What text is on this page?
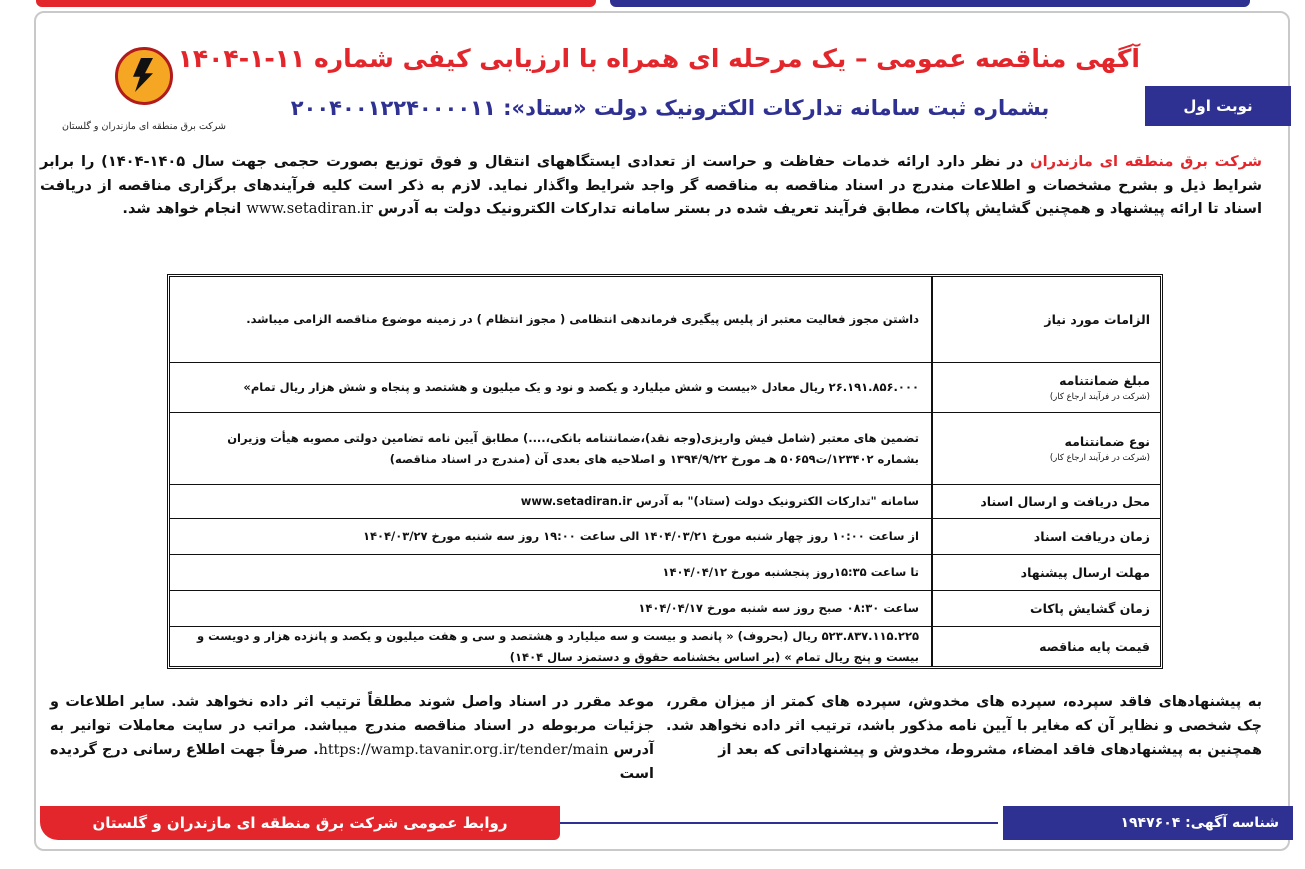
شرکت برق منطقه ای مازندران و گلستان
نوبت اول
آگهی مناقصه عمومی – یک مرحله ای همراه با ارزیابی کیفی شماره ۱۱-۱-۱۴۰۴
بشماره ثبت سامانه تدارکات الکترونیک دولت «ستاد»: ۲۰۰۴۰۰۱۲۲۴۰۰۰۰۱۱
شرکت برق منطقه ای مازندران در نظر دارد ارائه خدمات حفاظت و حراست از تعدادی ایستگاههای انتقال و فوق توزیع بصورت حجمی جهت سال ۱۴۰۵-۱۴۰۴) را برابر شرایط ذیل و بشرح مشخصات و اطلاعات مندرج در اسناد مناقصه به مناقصه گر واجد شرایط واگذار نماید. لازم به ذکر است کلیه فرآیندهای برگزاری مناقصه از دریافت اسناد تا ارائه پیشنهاد و همچنین گشایش پاکات، مطابق فرآیند تعریف شده در بستر سامانه تدارکات الکترونیک دولت به آدرس www.setadiran.ir انجام خواهد شد.
الزامات مورد نیاز
داشتن مجوز فعالیت معتبر از پلیس پیگیری فرماندهی انتظامی ( مجوز انتظام ) در زمینه موضوع مناقصه الزامی میباشد.
مبلغ ضمانتنامه
(شرکت در فرآیند ارجاع کار)
۲۶.۱۹۱.۸۵۶.۰۰۰ ریال معادل «بیست و شش میلیارد و یکصد و نود و یک میلیون و هشتصد و پنجاه و شش هزار ریال تمام»
نوع ضمانتنامه
(شرکت در فرآیند ارجاع کار)
تضمین های معتبر (شامل فیش واریزی(وجه نقد)،ضمانتنامه بانکی،....) مطابق آیین نامه تضامین دولتی مصوبه هیأت وزیران بشماره ۱۲۳۴۰۲/ت۵۰۶۵۹ هـ مورخ ۱۳۹۴/۹/۲۲ و اصلاحیه های بعدی آن (مندرج در اسناد مناقصه)
محل دریافت و ارسال اسناد
سامانه "تدارکات الکترونیک دولت (ستاد)" به آدرس www.setadiran.ir
زمان دریافت اسناد
از ساعت ۱۰:۰۰ روز چهار شنبه مورخ ۱۴۰۴/۰۳/۲۱ الی ساعت ۱۹:۰۰ روز سه شنبه مورخ ۱۴۰۴/۰۳/۲۷
مهلت ارسال پیشنهاد
تا ساعت ۱۵:۳۵روز پنجشنبه مورخ ۱۴۰۴/۰۴/۱۲
زمان گشایش پاکات
ساعت ۰۸:۳۰ صبح روز سه شنبه مورخ ۱۴۰۴/۰۴/۱۷
قیمت پایه مناقصه
۵۲۳.۸۳۷.۱۱۵.۲۲۵ ریال (بحروف) « پانصد و بیست و سه میلیارد و هشتصد و سی و هفت میلیون و یکصد و پانزده هزار و دویست و بیست و پنج ریال تمام » (بر اساس بخشنامه حقوق و دستمزد سال ۱۴۰۴)
به پیشنهادهای فاقد سپرده، سپرده های مخدوش، سپرده های کمتر از میزان مقرر، چک شخصی و نظایر آن که مغایر با آیین نامه مذکور باشد، ترتیب اثر داده نخواهد شد. همچنین به پیشنهادهای فاقد امضاء، مشروط، مخدوش و پیشنهاداتی که بعد از
موعد مقرر در اسناد واصل شوند مطلقاً ترتیب اثر داده نخواهد شد. سایر اطلاعات و جزئیات مربوطه در اسناد مناقصه مندرج میباشد. مراتب در سایت معاملات توانیر به آدرس https://wamp.tavanir.org.ir/tender/main. صرفاً جهت اطلاع رسانی درج گردیده است
روابط عمومی شرکت برق منطقه ای مازندران و گلستان	شناسه آگهی: ۱۹۴۷۶۰۴
